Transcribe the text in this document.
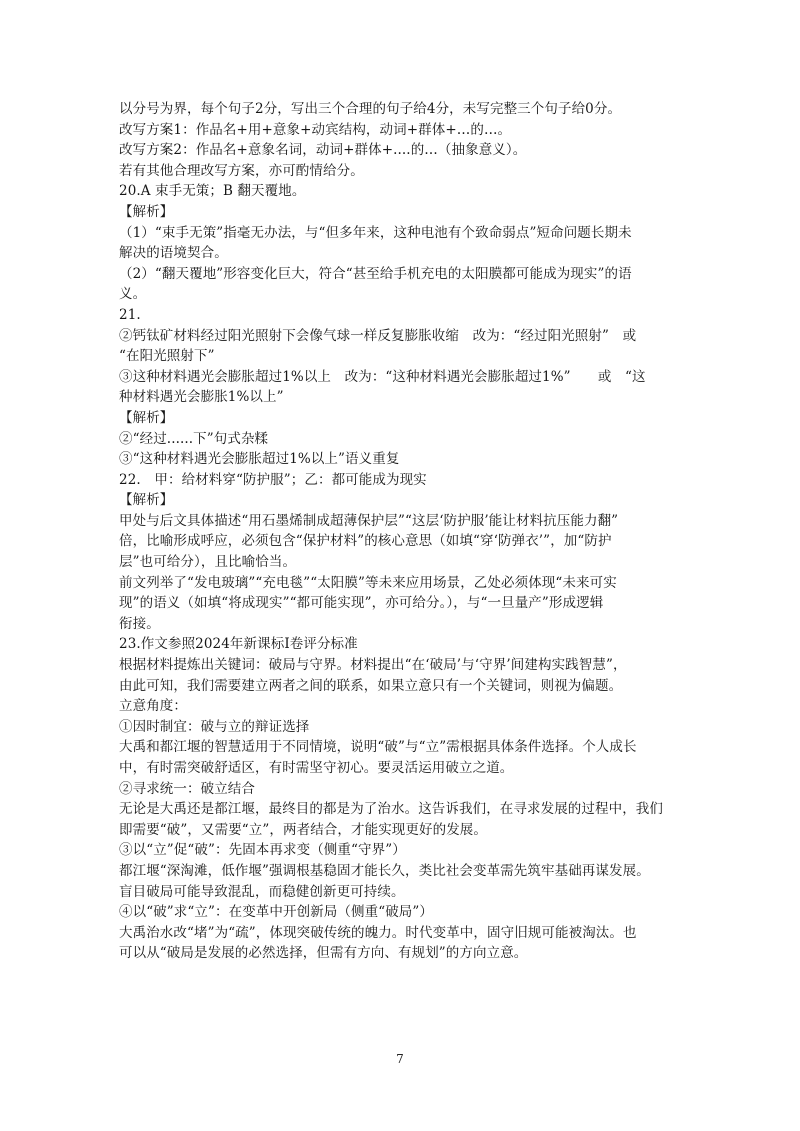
以分号为界，每个句子2分，写出三个合理的句子给4分，未写完整三个句子给0分。
改写方案1：作品名+用+意象+动宾结构，动词+群体+…的…。
改写方案2：作品名+意象名词，动词+群体+....的…（抽象意义）。
若有其他合理改写方案，亦可酌情给分。
20.A 束手无策；B 翻天覆地。
【解析】
（1）“束手无策”指毫无办法，与“但多年来，这种电池有个致命弱点”短命问题长期未
解决的语境契合。
（2）“翻天覆地”形容变化巨大，符合“甚至给手机充电的太阳膜都可能成为现实”的语
义。
21.
②钙钛矿材料经过阳光照射下会像气球一样反复膨胀收缩　改为：“经过阳光照射”　或
“在阳光照射下”
③这种材料遇光会膨胀超过1%以上　改为：“这种材料遇光会膨胀超过1%”　　或　“这
种材料遇光会膨胀1%以上”
【解析】
②“经过......下”句式杂糅
③“这种材料遇光会膨胀超过1%以上”语义重复
22.　甲：给材料穿“防护服”；乙：都可能成为现实
【解析】
甲处与后文具体描述“用石墨烯制成超薄保护层”“这层‘防护服’能让材料抗压能力翻”
倍，比喻形成呼应，必须包含“保护材料”的核心意思（如填“穿‘防弹衣’”，加“防护
层”也可给分），且比喻恰当。
前文列举了“发电玻璃”“充电毯”“太阳膜”等未来应用场景，乙处必须体现“未来可实
现”的语义（如填“将成现实”“都可能实现”，亦可给分。），与“一旦量产”形成逻辑
衔接。
23.作文参照2024年新课标Ⅰ卷评分标准
根据材料提炼出关键词：破局与守界。材料提出“在‘破局’与‘守界’间建构实践智慧”，
由此可知，我们需要建立两者之间的联系，如果立意只有一个关键词，则视为偏题。
立意角度：
①因时制宜：破与立的辩证选择
大禹和都江堰的智慧适用于不同情境，说明“破”与“立”需根据具体条件选择。个人成长
中，有时需突破舒适区，有时需坚守初心。要灵活运用破立之道。
②寻求统一：破立结合
无论是大禹还是都江堰，最终目的都是为了治水。这告诉我们，在寻求发展的过程中，我们
即需要“破”，又需要“立”，两者结合，才能实现更好的发展。
③以“立”促“破”：先固本再求变（侧重“守界”）
都江堰“深淘滩，低作堰”强调根基稳固才能长久，类比社会变革需先筑牢基础再谋发展。
盲目破局可能导致混乱，而稳健创新更可持续。
④以“破”求“立”：在变革中开创新局（侧重“破局”）
大禹治水改“堵”为“疏”，体现突破传统的魄力。时代变革中，固守旧规可能被淘汰。也
可以从“破局是发展的必然选择，但需有方向、有规划”的方向立意。
7
